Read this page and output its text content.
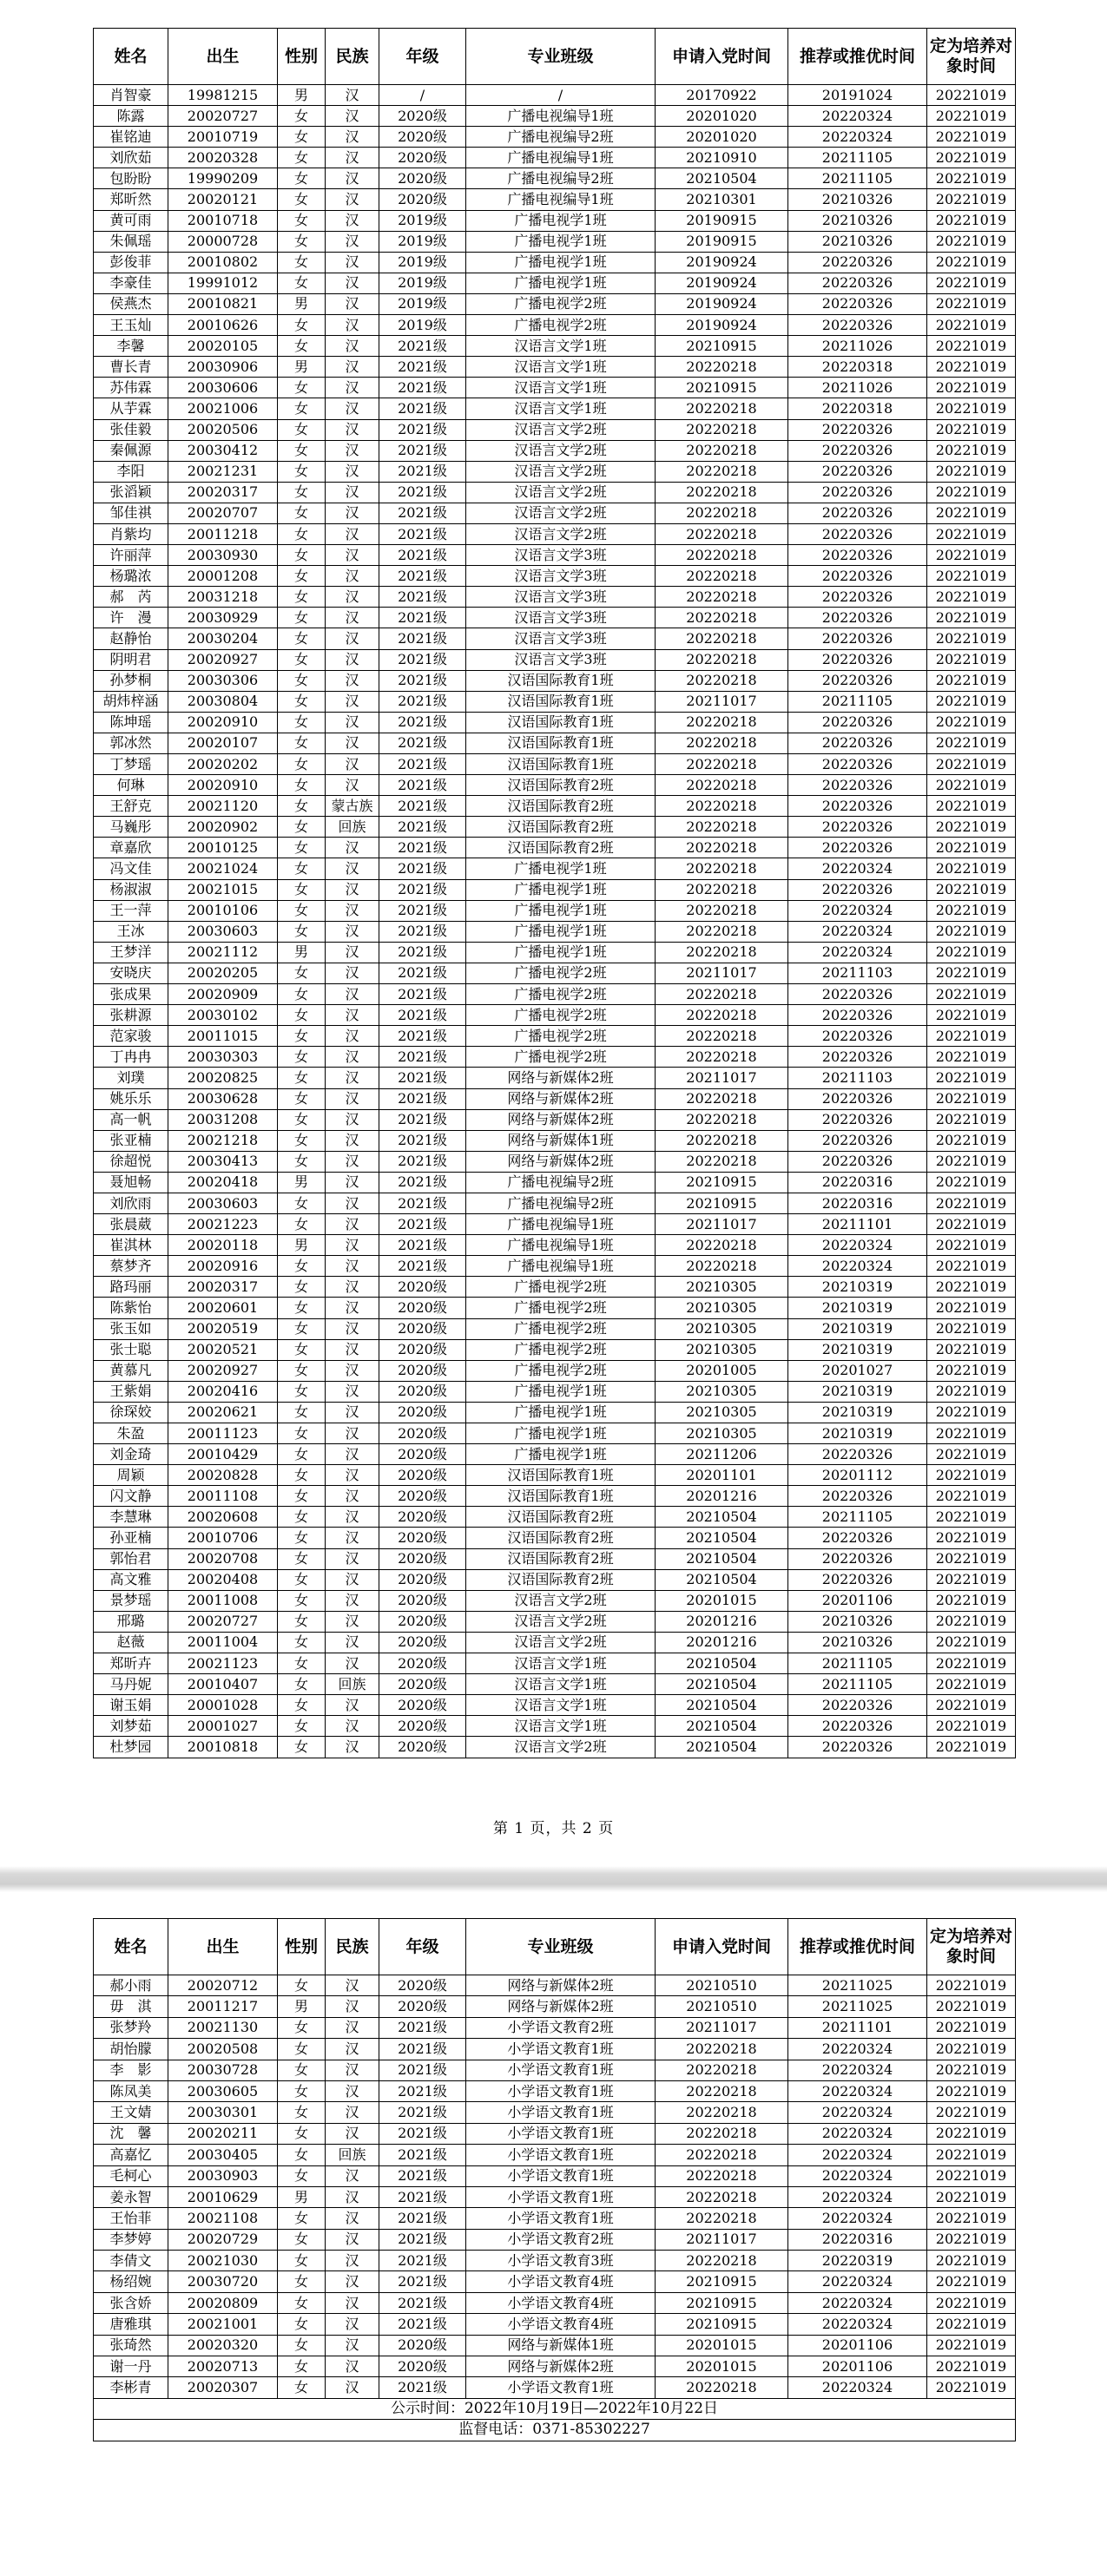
姓名	出生	性别	民族	年级	专业班级	申请入党时间	推荐或推优时间	定为培养对象时间
肖智豪	19981215	男	汉	/	/	20170922	20191024	20221019
陈露	20020727	女	汉	2020级	广播电视编导1班	20201020	20220324	20221019
崔铭迪	20010719	女	汉	2020级	广播电视编导2班	20201020	20220324	20221019
刘欣茹	20020328	女	汉	2020级	广播电视编导1班	20210910	20211105	20221019
包盼盼	19990209	女	汉	2020级	广播电视编导2班	20210504	20211105	20221019
郑昕然	20020121	女	汉	2020级	广播电视编导1班	20210301	20210326	20221019
黄可雨	20010718	女	汉	2019级	广播电视学1班	20190915	20210326	20221019
朱佩瑶	20000728	女	汉	2019级	广播电视学1班	20190915	20210326	20221019
彭俊菲	20010802	女	汉	2019级	广播电视学1班	20190924	20220326	20221019
李豪佳	19991012	女	汉	2019级	广播电视学1班	20190924	20220326	20221019
侯燕杰	20010821	男	汉	2019级	广播电视学2班	20190924	20220326	20221019
王玉灿	20010626	女	汉	2019级	广播电视学2班	20190924	20220326	20221019
李馨	20020105	女	汉	2021级	汉语言文学1班	20210915	20211026	20221019
曹长青	20030906	男	汉	2021级	汉语言文学1班	20220218	20220318	20221019
苏伟霖	20030606	女	汉	2021级	汉语言文学1班	20210915	20211026	20221019
从芋霖	20021006	女	汉	2021级	汉语言文学1班	20220218	20220318	20221019
张佳毅	20020506	女	汉	2021级	汉语言文学2班	20220218	20220326	20221019
秦佩源	20030412	女	汉	2021级	汉语言文学2班	20220218	20220326	20221019
李阳	20021231	女	汉	2021级	汉语言文学2班	20220218	20220326	20221019
张滔颖	20020317	女	汉	2021级	汉语言文学2班	20220218	20220326	20221019
邹佳祺	20020707	女	汉	2021级	汉语言文学2班	20220218	20220326	20221019
肖紫均	20011218	女	汉	2021级	汉语言文学2班	20220218	20220326	20221019
许丽萍	20030930	女	汉	2021级	汉语言文学3班	20220218	20220326	20221019
杨璐浓	20001208	女	汉	2021级	汉语言文学3班	20220218	20220326	20221019
郝　芮	20031218	女	汉	2021级	汉语言文学3班	20220218	20220326	20221019
许　漫	20030929	女	汉	2021级	汉语言文学3班	20220218	20220326	20221019
赵静怡	20030204	女	汉	2021级	汉语言文学3班	20220218	20220326	20221019
阴明君	20020927	女	汉	2021级	汉语言文学3班	20220218	20220326	20221019
孙梦桐	20030306	女	汉	2021级	汉语国际教育1班	20220218	20220326	20221019
胡炜梓涵	20030804	女	汉	2021级	汉语国际教育1班	20211017	20211105	20221019
陈坤瑶	20020910	女	汉	2021级	汉语国际教育1班	20220218	20220326	20221019
郭冰然	20020107	女	汉	2021级	汉语国际教育1班	20220218	20220326	20221019
丁梦瑶	20020202	女	汉	2021级	汉语国际教育1班	20220218	20220326	20221019
何琳	20020910	女	汉	2021级	汉语国际教育2班	20220218	20220326	20221019
王舒克	20021120	女	蒙古族	2021级	汉语国际教育2班	20220218	20220326	20221019
马巍彤	20020902	女	回族	2021级	汉语国际教育2班	20220218	20220326	20221019
章嘉欣	20010125	女	汉	2021级	汉语国际教育2班	20220218	20220326	20221019
冯文佳	20021024	女	汉	2021级	广播电视学1班	20220218	20220324	20221019
杨淑淑	20021015	女	汉	2021级	广播电视学1班	20220218	20220326	20221019
王一萍	20010106	女	汉	2021级	广播电视学1班	20220218	20220324	20221019
王冰	20030603	女	汉	2021级	广播电视学1班	20220218	20220324	20221019
王梦洋	20021112	男	汉	2021级	广播电视学1班	20220218	20220324	20221019
安晓庆	20020205	女	汉	2021级	广播电视学2班	20211017	20211103	20221019
张成果	20020909	女	汉	2021级	广播电视学2班	20220218	20220326	20221019
张耕源	20030102	女	汉	2021级	广播电视学2班	20220218	20220326	20221019
范家骏	20011015	女	汉	2021级	广播电视学2班	20220218	20220326	20221019
丁冉冉	20030303	女	汉	2021级	广播电视学2班	20220218	20220326	20221019
刘璞	20020825	女	汉	2021级	网络与新媒体2班	20211017	20211103	20221019
姚乐乐	20030628	女	汉	2021级	网络与新媒体2班	20220218	20220326	20221019
高一帆	20031208	女	汉	2021级	网络与新媒体2班	20220218	20220326	20221019
张亚楠	20021218	女	汉	2021级	网络与新媒体1班	20220218	20220326	20221019
徐超悦	20030413	女	汉	2021级	网络与新媒体2班	20220218	20220326	20221019
聂旭畅	20020418	男	汉	2021级	广播电视编导2班	20210915	20220316	20221019
刘欣雨	20030603	女	汉	2021级	广播电视编导2班	20210915	20220316	20221019
张晨葳	20021223	女	汉	2021级	广播电视编导1班	20211017	20211101	20221019
崔淇林	20020118	男	汉	2021级	广播电视编导1班	20220218	20220324	20221019
蔡梦齐	20020916	女	汉	2021级	广播电视编导1班	20220218	20220324	20221019
路玛丽	20020317	女	汉	2020级	广播电视学2班	20210305	20210319	20221019
陈紫怡	20020601	女	汉	2020级	广播电视学2班	20210305	20210319	20221019
张玉如	20020519	女	汉	2020级	广播电视学2班	20210305	20210319	20221019
张士聪	20020521	女	汉	2020级	广播电视学2班	20210305	20210319	20221019
黄慕凡	20020927	女	汉	2020级	广播电视学2班	20201005	20201027	20221019
王紫娟	20020416	女	汉	2020级	广播电视学1班	20210305	20210319	20221019
徐琛姣	20020621	女	汉	2020级	广播电视学1班	20210305	20210319	20221019
朱盈	20011123	女	汉	2020级	广播电视学1班	20210305	20210319	20221019
刘金琦	20010429	女	汉	2020级	广播电视学1班	20211206	20220326	20221019
周颖	20020828	女	汉	2020级	汉语国际教育1班	20201101	20201112	20221019
闪文静	20011108	女	汉	2020级	汉语国际教育1班	20201216	20220326	20221019
李慧琳	20020608	女	汉	2020级	汉语国际教育2班	20210504	20211105	20221019
孙亚楠	20010706	女	汉	2020级	汉语国际教育2班	20210504	20220326	20221019
郭怡君	20020708	女	汉	2020级	汉语国际教育2班	20210504	20220326	20221019
高文雅	20020408	女	汉	2020级	汉语国际教育2班	20210504	20220326	20221019
景梦瑶	20011008	女	汉	2020级	汉语言文学2班	20201015	20201106	20221019
邢璐	20020727	女	汉	2020级	汉语言文学2班	20201216	20210326	20221019
赵薇	20011004	女	汉	2020级	汉语言文学2班	20201216	20210326	20221019
郑昕卉	20021123	女	汉	2020级	汉语言文学1班	20210504	20211105	20221019
马丹妮	20010407	女	回族	2020级	汉语言文学1班	20210504	20211105	20221019
谢玉娟	20001028	女	汉	2020级	汉语言文学1班	20210504	20220326	20221019
刘梦茹	20001027	女	汉	2020级	汉语言文学1班	20210504	20220326	20221019
杜梦园	20010818	女	汉	2020级	汉语言文学2班	20210504	20220326	20221019
第 1 页，共 2 页
姓名	出生	性别	民族	年级	专业班级	申请入党时间	推荐或推优时间	定为培养对象时间
郝小雨	20020712	女	汉	2020级	网络与新媒体2班	20210510	20211025	20221019
毋　淇	20011217	男	汉	2020级	网络与新媒体2班	20210510	20211025	20221019
张梦羚	20021130	女	汉	2021级	小学语文教育2班	20211017	20211101	20221019
胡怡朦	20020508	女	汉	2021级	小学语文教育1班	20220218	20220324	20221019
李　影	20030728	女	汉	2021级	小学语文教育1班	20220218	20220324	20221019
陈凤美	20030605	女	汉	2021级	小学语文教育1班	20220218	20220324	20221019
王文婧	20030301	女	汉	2021级	小学语文教育1班	20220218	20220324	20221019
沈　馨	20020211	女	汉	2021级	小学语文教育1班	20220218	20220324	20221019
高嘉忆	20030405	女	回族	2021级	小学语文教育1班	20220218	20220324	20221019
毛柯心	20030903	女	汉	2021级	小学语文教育1班	20220218	20220324	20221019
姜永智	20010629	男	汉	2021级	小学语文教育1班	20220218	20220324	20221019
王怡菲	20021108	女	汉	2021级	小学语文教育1班	20220218	20220324	20221019
李梦婷	20020729	女	汉	2021级	小学语文教育2班	20211017	20220316	20221019
李倩文	20021030	女	汉	2021级	小学语文教育3班	20220218	20220319	20221019
杨绍婉	20030720	女	汉	2021级	小学语文教育4班	20210915	20220324	20221019
张含娇	20020809	女	汉	2021级	小学语文教育4班	20210915	20220324	20221019
唐雅琪	20021001	女	汉	2021级	小学语文教育4班	20210915	20220324	20221019
张琦然	20020320	女	汉	2020级	网络与新媒体1班	20201015	20201106	20221019
谢一丹	20020713	女	汉	2020级	网络与新媒体2班	20201015	20201106	20221019
李彬青	20020307	女	汉	2021级	小学语文教育1班	20220218	20220324	20221019
公示时间：2022年10月19日—2022年10月22日								
监督电话：0371-85302227								
